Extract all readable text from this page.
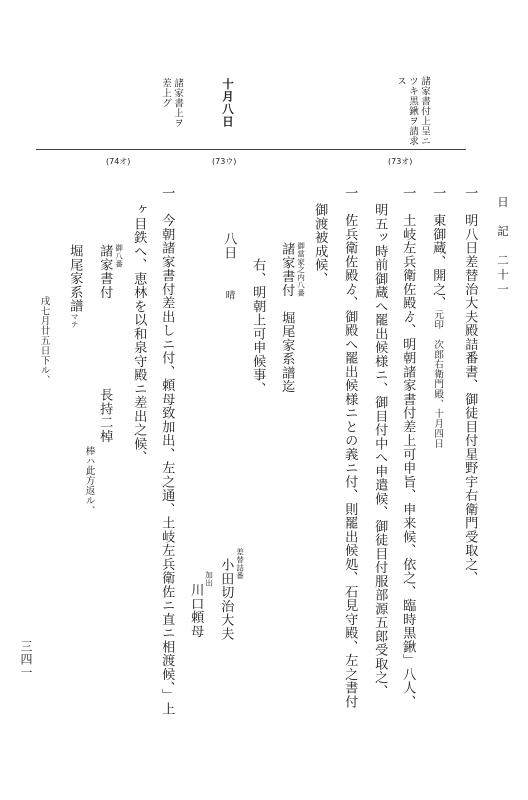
日　記　二十一
三四一
諸家書付上呈ニツキ黒鍬ヲ請求ス
十月八日
諸家書上ヲ差上グ
(73オ)
(73ウ)
(74オ)
一　明八日差替治大夫殿詰番書、御徒目付星野宇右衛門受取之、
一　東御蔵、開之、元印　次郎右衛門殿、十月四日
一　土岐左兵衛佐殿ゟ、明朝諸家書付差上可申旨、申来候、依之、臨時黒鍬」八人、
明五ッ時前御蔵へ罷出候様ニ、御目付中へ申遣候、御徒目付服部源五郎受取之、
一　佐兵衛佐殿ゟ、御殿へ罷出候様ニとの義ニ付、則罷出候処、石見守殿、左之書付
御渡被成候、
御當家之内八番
諸家書付　堀尾家系譜迄
右、明朝上可申候事、
八日
晴
差替詰番
小田切治大夫
加出
川口頼母
一　今朝諸家書付差出しニ付、頼母致加出、左之通、土岐左兵衛佐ニ直ニ相渡候、」上
ヶ目鉄へ、恵林を以和泉守殿ニ差出之候、
御八番
諸家書付
堀尾家系譜マテ
長持二棹
棒ハ此方返ル、
戌七月廿五日下ル、
